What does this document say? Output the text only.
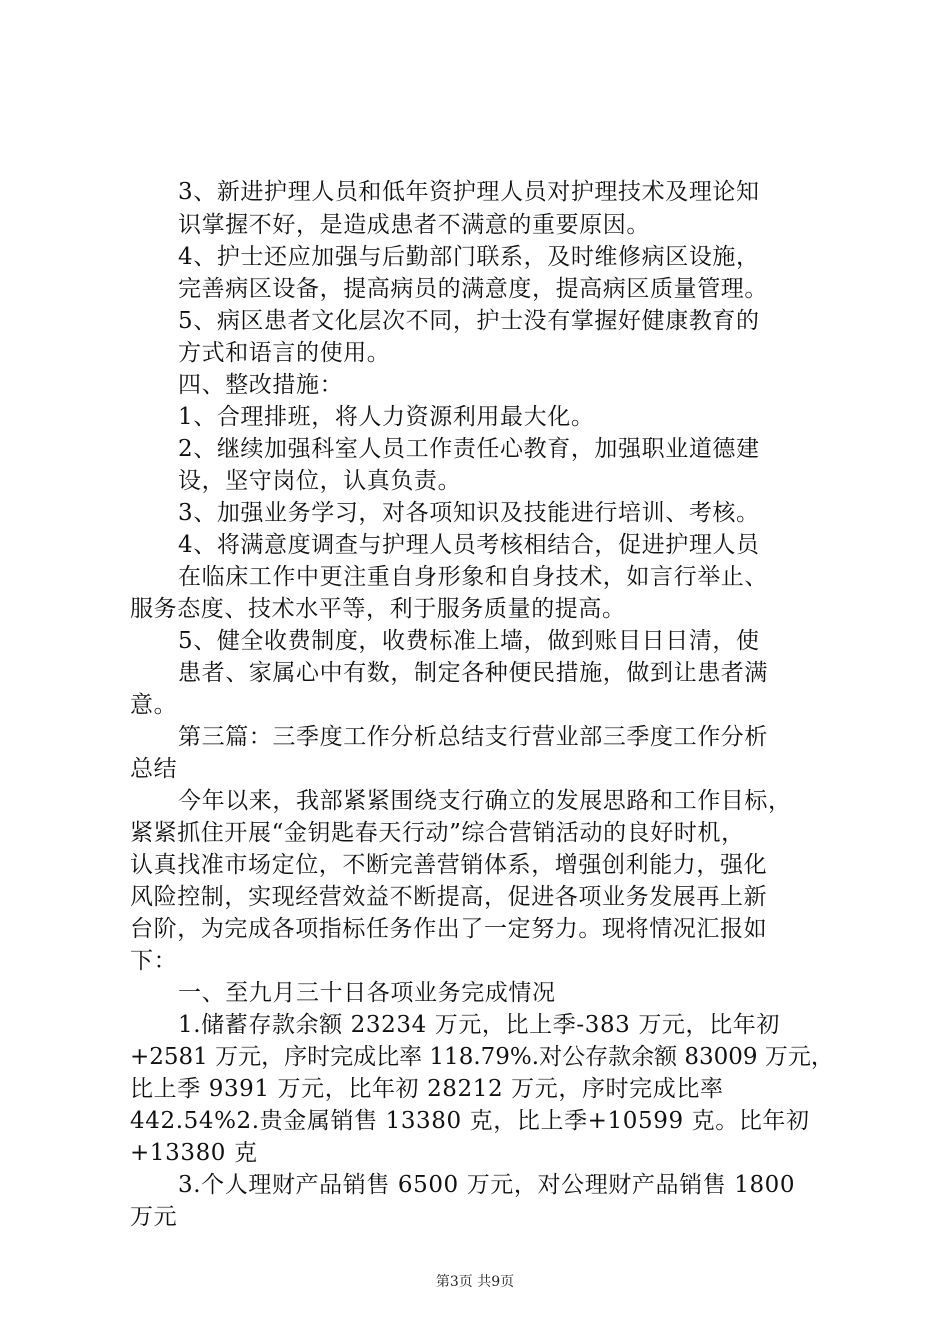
3、新进护理人员和低年资护理人员对护理技术及理论知
识掌握不好，是造成患者不满意的重要原因。
4、护士还应加强与后勤部门联系，及时维修病区设施，
完善病区设备，提高病员的满意度，提高病区质量管理。
5、病区患者文化层次不同，护士没有掌握好健康教育的
方式和语言的使用。
四、整改措施：
1、合理排班，将人力资源利用最大化。
2、继续加强科室人员工作责任心教育，加强职业道德建
设，坚守岗位，认真负责。
3、加强业务学习，对各项知识及技能进行培训、考核。
4、将满意度调查与护理人员考核相结合，促进护理人员
在临床工作中更注重自身形象和自身技术，如言行举止、
服务态度、技术水平等，利于服务质量的提高。
5、健全收费制度，收费标准上墙，做到账目日日清，使
患者、家属心中有数，制定各种便民措施，做到让患者满
意。
第三篇：三季度工作分析总结支行营业部三季度工作分析
总结
今年以来，我部紧紧围绕支行确立的发展思路和工作目标，
紧紧抓住开展“金钥匙春天行动”综合营销活动的良好时机，
认真找准市场定位，不断完善营销体系，增强创利能力，强化
风险控制，实现经营效益不断提高，促进各项业务发展再上新
台阶，为完成各项指标任务作出了一定努力。现将情况汇报如
下：
一、至九月三十日各项业务完成情况
1.储蓄存款余额 23234 万元，比上季-383 万元，比年初
+2581 万元，序时完成比率 118.79%.对公存款余额 83009 万元，
比上季 9391 万元，比年初 28212 万元，序时完成比率
442.54%2.贵金属销售 13380 克，比上季+10599 克。比年初
+13380 克
3.个人理财产品销售 6500 万元，对公理财产品销售 1800
万元
第3页 共9页
